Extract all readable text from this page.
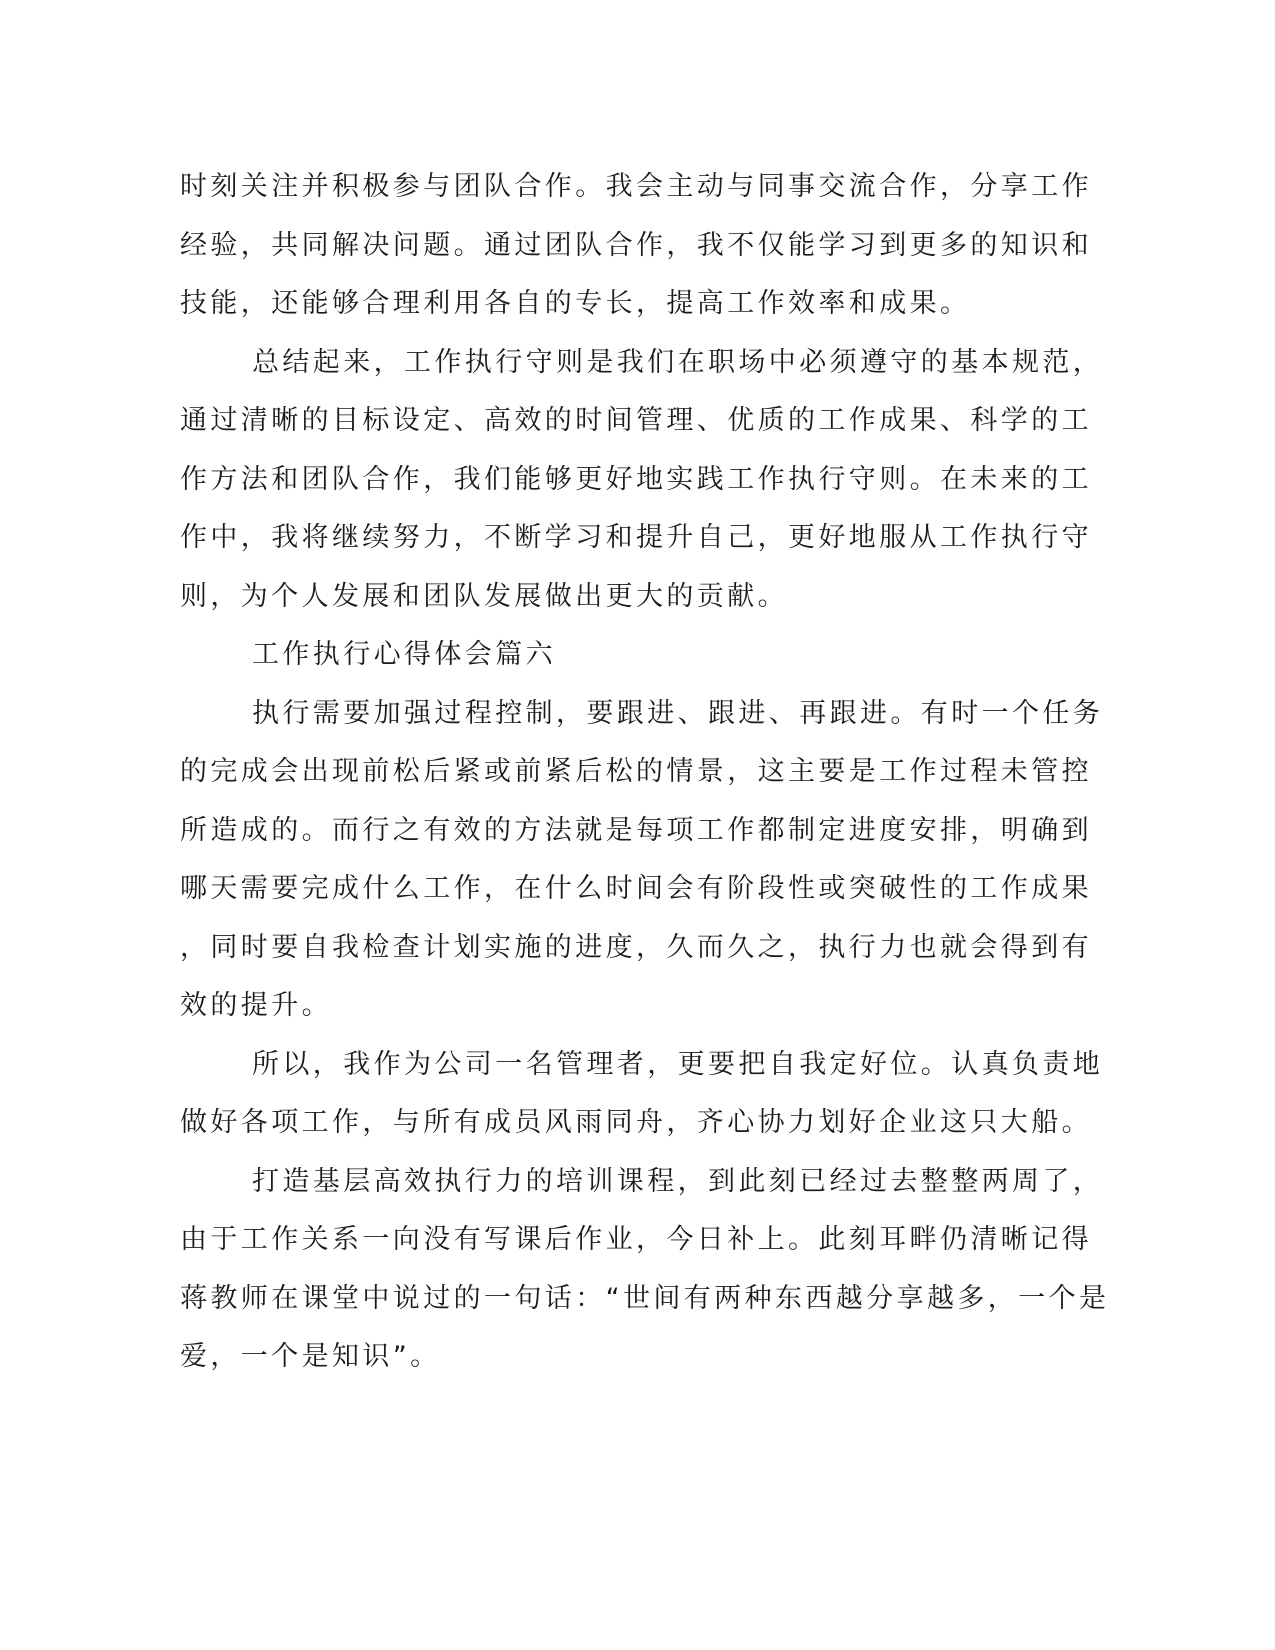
时刻关注并积极参与团队合作。我会主动与同事交流合作，分享工作
经验，共同解决问题。通过团队合作，我不仅能学习到更多的知识和
技能，还能够合理利用各自的专长，提高工作效率和成果。
总结起来，工作执行守则是我们在职场中必须遵守的基本规范，
通过清晰的目标设定、高效的时间管理、优质的工作成果、科学的工
作方法和团队合作，我们能够更好地实践工作执行守则。在未来的工
作中，我将继续努力，不断学习和提升自己，更好地服从工作执行守
则，为个人发展和团队发展做出更大的贡献。
工作执行心得体会篇六
执行需要加强过程控制，要跟进、跟进、再跟进。有时一个任务
的完成会出现前松后紧或前紧后松的情景，这主要是工作过程未管控
所造成的。而行之有效的方法就是每项工作都制定进度安排，明确到
哪天需要完成什么工作，在什么时间会有阶段性或突破性的工作成果
，同时要自我检查计划实施的进度，久而久之，执行力也就会得到有
效的提升。
所以，我作为公司一名管理者，更要把自我定好位。认真负责地
做好各项工作，与所有成员风雨同舟，齐心协力划好企业这只大船。
打造基层高效执行力的培训课程，到此刻已经过去整整两周了，
由于工作关系一向没有写课后作业，今日补上。此刻耳畔仍清晰记得
蒋教师在课堂中说过的一句话：“世间有两种东西越分享越多，一个是
爱，一个是知识”。
